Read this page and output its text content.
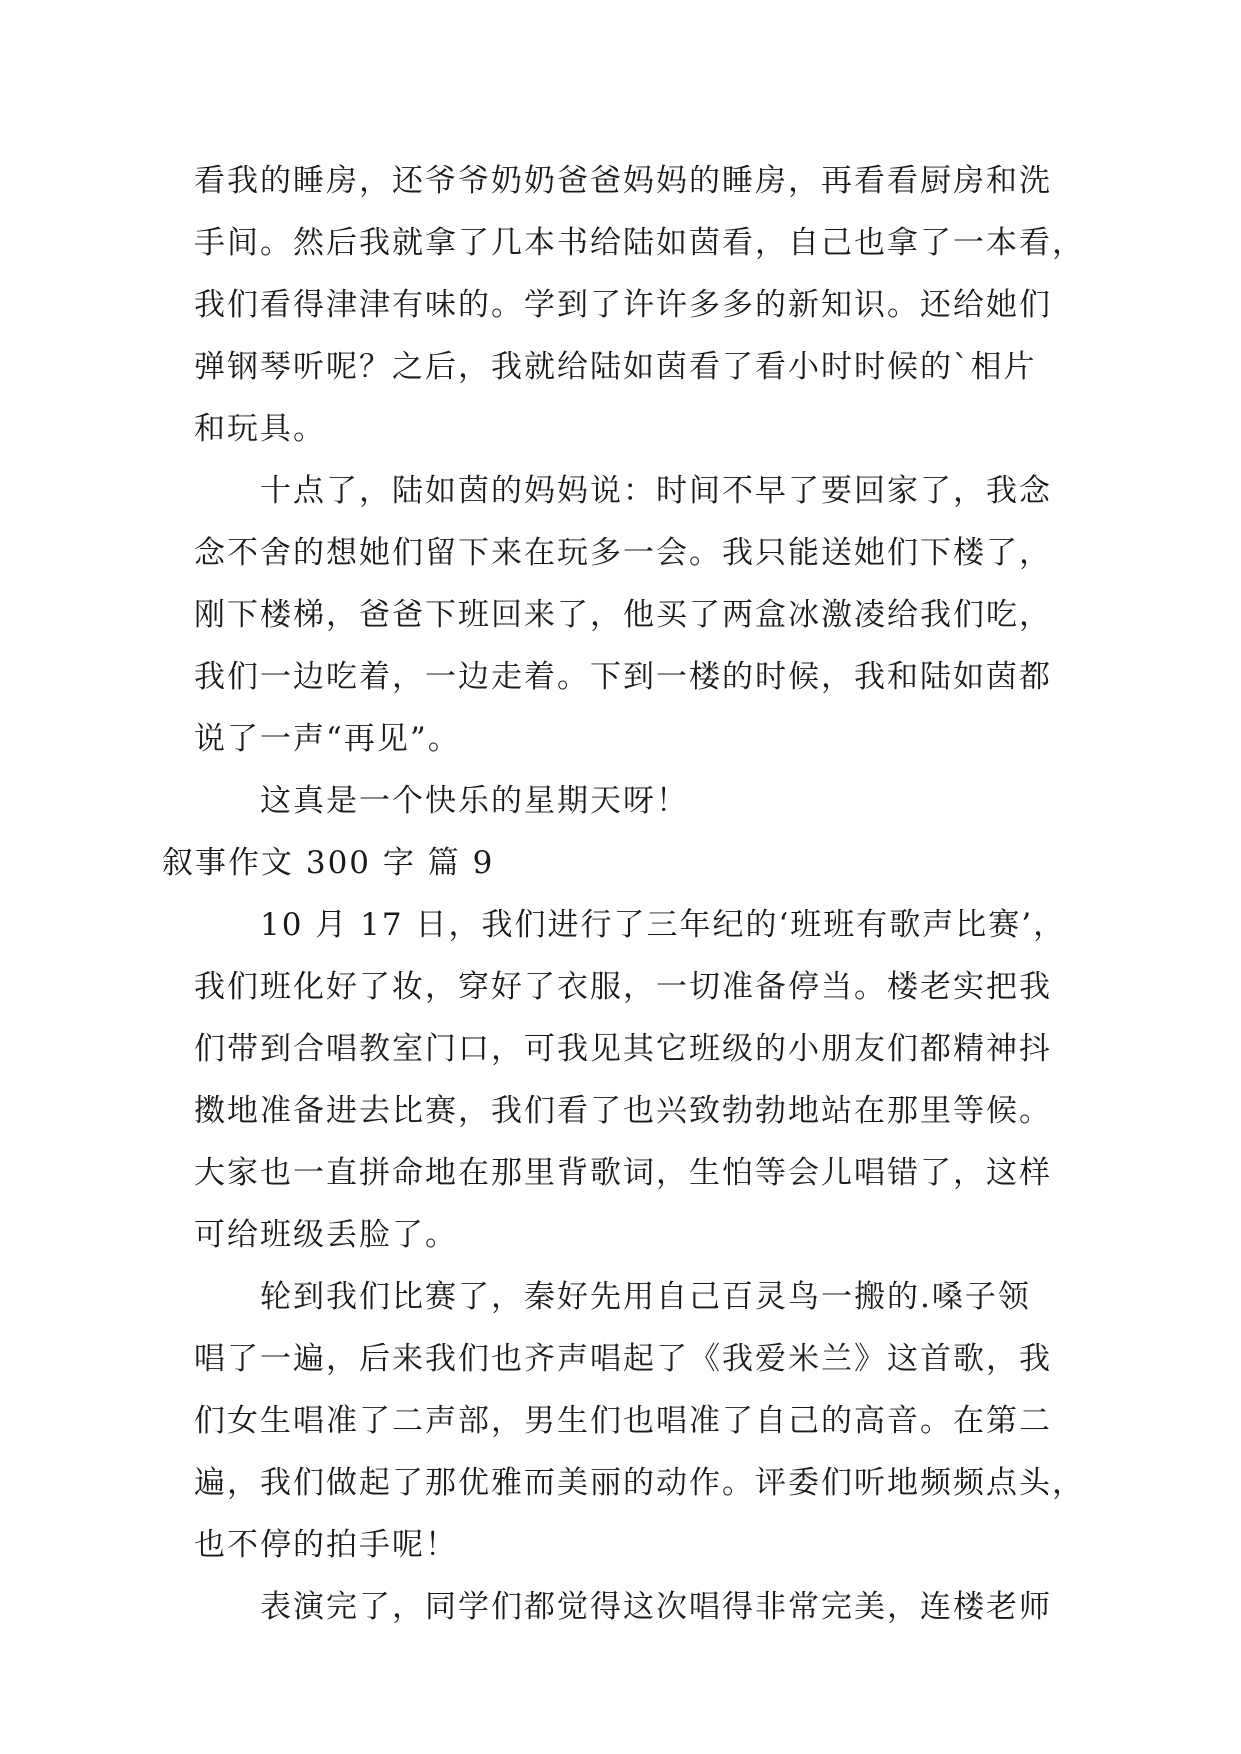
看我的睡房，还爷爷奶奶爸爸妈妈的睡房，再看看厨房和洗
手间。然后我就拿了几本书给陆如茵看，自己也拿了一本看，
我们看得津津有味的。学到了许许多多的新知识。还给她们
弹钢琴听呢？之后，我就给陆如茵看了看小时时候的`相片
和玩具。
十点了，陆如茵的妈妈说：时间不早了要回家了，我念
念不舍的想她们留下来在玩多一会。我只能送她们下楼了，
刚下楼梯，爸爸下班回来了，他买了两盒冰激凌给我们吃，
我们一边吃着，一边走着。下到一楼的时候，我和陆如茵都
说了一声“再见”。
这真是一个快乐的星期天呀！
叙事作文 300 字 篇 9
10 月 17 日，我们进行了三年纪的‘班班有歌声比赛’，
我们班化好了妆，穿好了衣服，一切准备停当。楼老实把我
们带到合唱教室门口，可我见其它班级的小朋友们都精神抖
擞地准备进去比赛，我们看了也兴致勃勃地站在那里等候。
大家也一直拼命地在那里背歌词，生怕等会儿唱错了，这样
可给班级丢脸了。
轮到我们比赛了，秦好先用自己百灵鸟一搬的.嗓子领
唱了一遍，后来我们也齐声唱起了《我爱米兰》这首歌，我
们女生唱准了二声部，男生们也唱准了自己的高音。在第二
遍，我们做起了那优雅而美丽的动作。评委们听地频频点头，
也不停的拍手呢！
表演完了，同学们都觉得这次唱得非常完美，连楼老师
